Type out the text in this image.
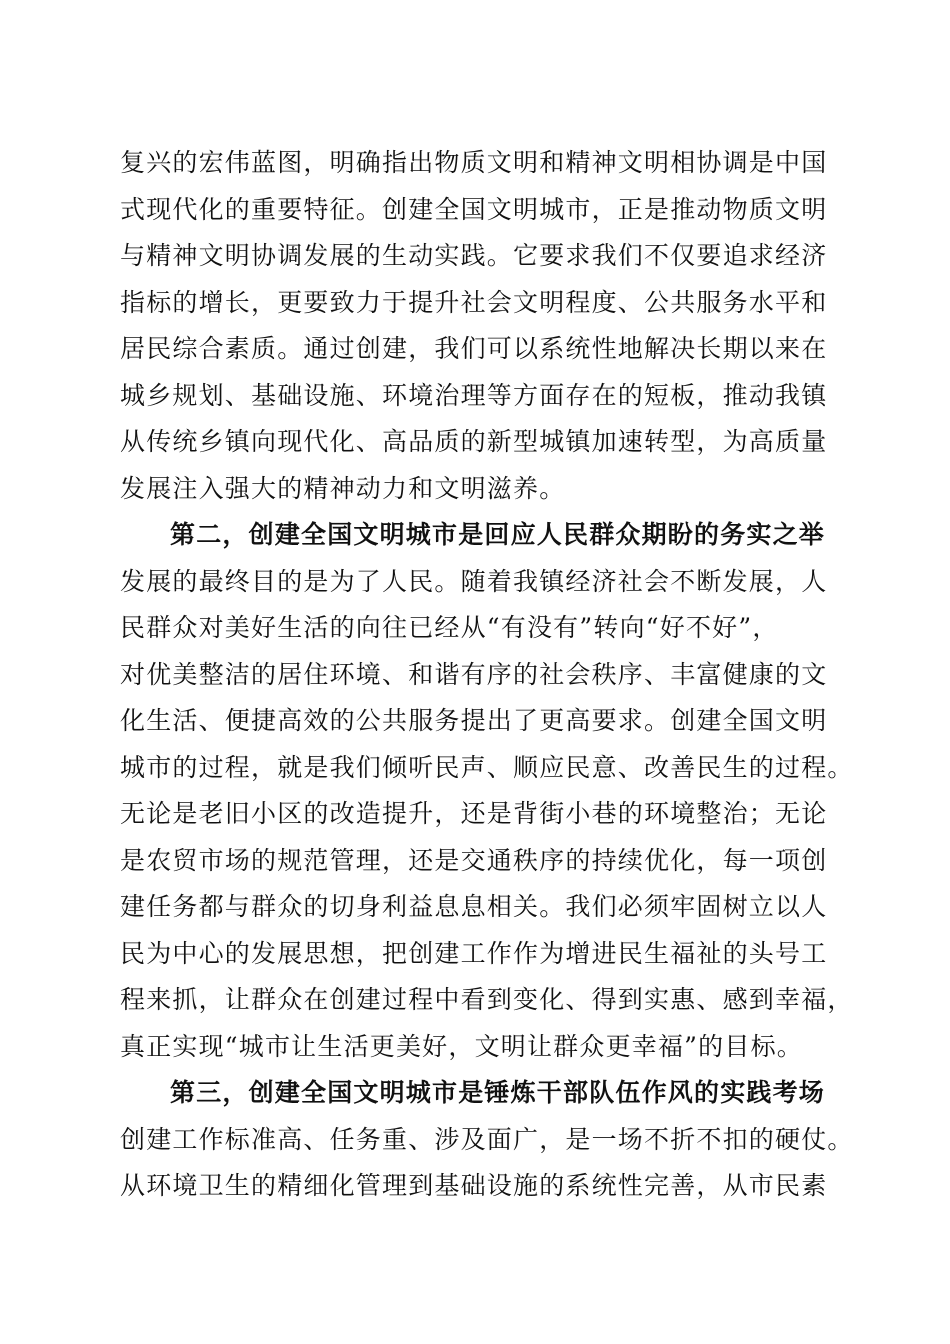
复兴的宏伟蓝图，明确指出物质文明和精神文明相协调是中国
式现代化的重要特征。创建全国文明城市，正是推动物质文明
与精神文明协调发展的生动实践。它要求我们不仅要追求经济
指标的增长，更要致力于提升社会文明程度、公共服务水平和
居民综合素质。通过创建，我们可以系统性地解决长期以来在
城乡规划、基础设施、环境治理等方面存在的短板，推动我镇
从传统乡镇向现代化、高品质的新型城镇加速转型，为高质量
发展注入强大的精神动力和文明滋养。
第二，创建全国文明城市是回应人民群众期盼的务实之举
发展的最终目的是为了人民。随着我镇经济社会不断发展，人
民群众对美好生活的向往已经从“有没有”转向“好不好”，
对优美整洁的居住环境、和谐有序的社会秩序、丰富健康的文
化生活、便捷高效的公共服务提出了更高要求。创建全国文明
城市的过程，就是我们倾听民声、顺应民意、改善民生的过程。
无论是老旧小区的改造提升，还是背街小巷的环境整治；无论
是农贸市场的规范管理，还是交通秩序的持续优化，每一项创
建任务都与群众的切身利益息息相关。我们必须牢固树立以人
民为中心的发展思想，把创建工作作为增进民生福祉的头号工
程来抓，让群众在创建过程中看到变化、得到实惠、感到幸福，
真正实现“城市让生活更美好，文明让群众更幸福”的目标。
第三，创建全国文明城市是锤炼干部队伍作风的实践考场
创建工作标准高、任务重、涉及面广，是一场不折不扣的硬仗。
从环境卫生的精细化管理到基础设施的系统性完善，从市民素
